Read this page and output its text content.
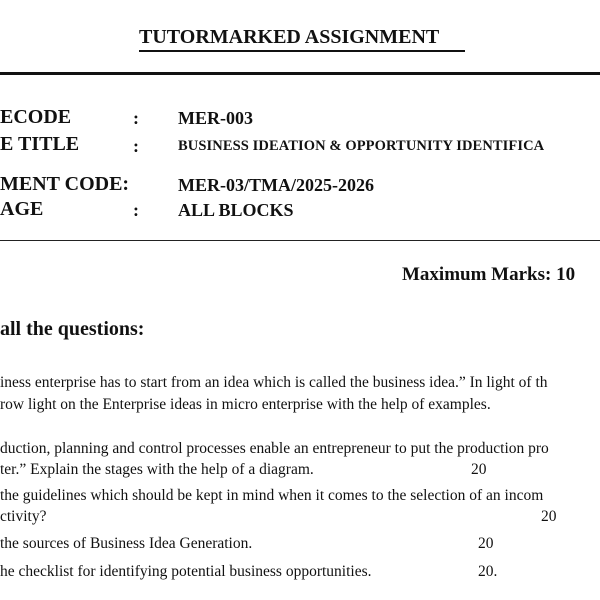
TUTORMARKED ASSIGNMENT
ECODE	: MER-003
E TITLE	:	BUSINESS IDEATION & OPPORTUNITY IDENTIFICA
MENT CODE:	MER-03/TMA/2025-2026
AGE	: ALL BLOCKS
Maximum Marks: 10
all the questions:
iness enterprise has to start from an idea which is called the business idea.” In light of th
row light on the Enterprise ideas in micro enterprise with the help of examples.
duction, planning and control processes enable an entrepreneur to put the production pro
ter.” Explain the stages with the help of a diagram.	20
the guidelines which should be kept in mind when it comes to the selection of an incom
ctivity?	20
the sources of Business Idea Generation.	20
he checklist for identifying potential business opportunities.	20.
